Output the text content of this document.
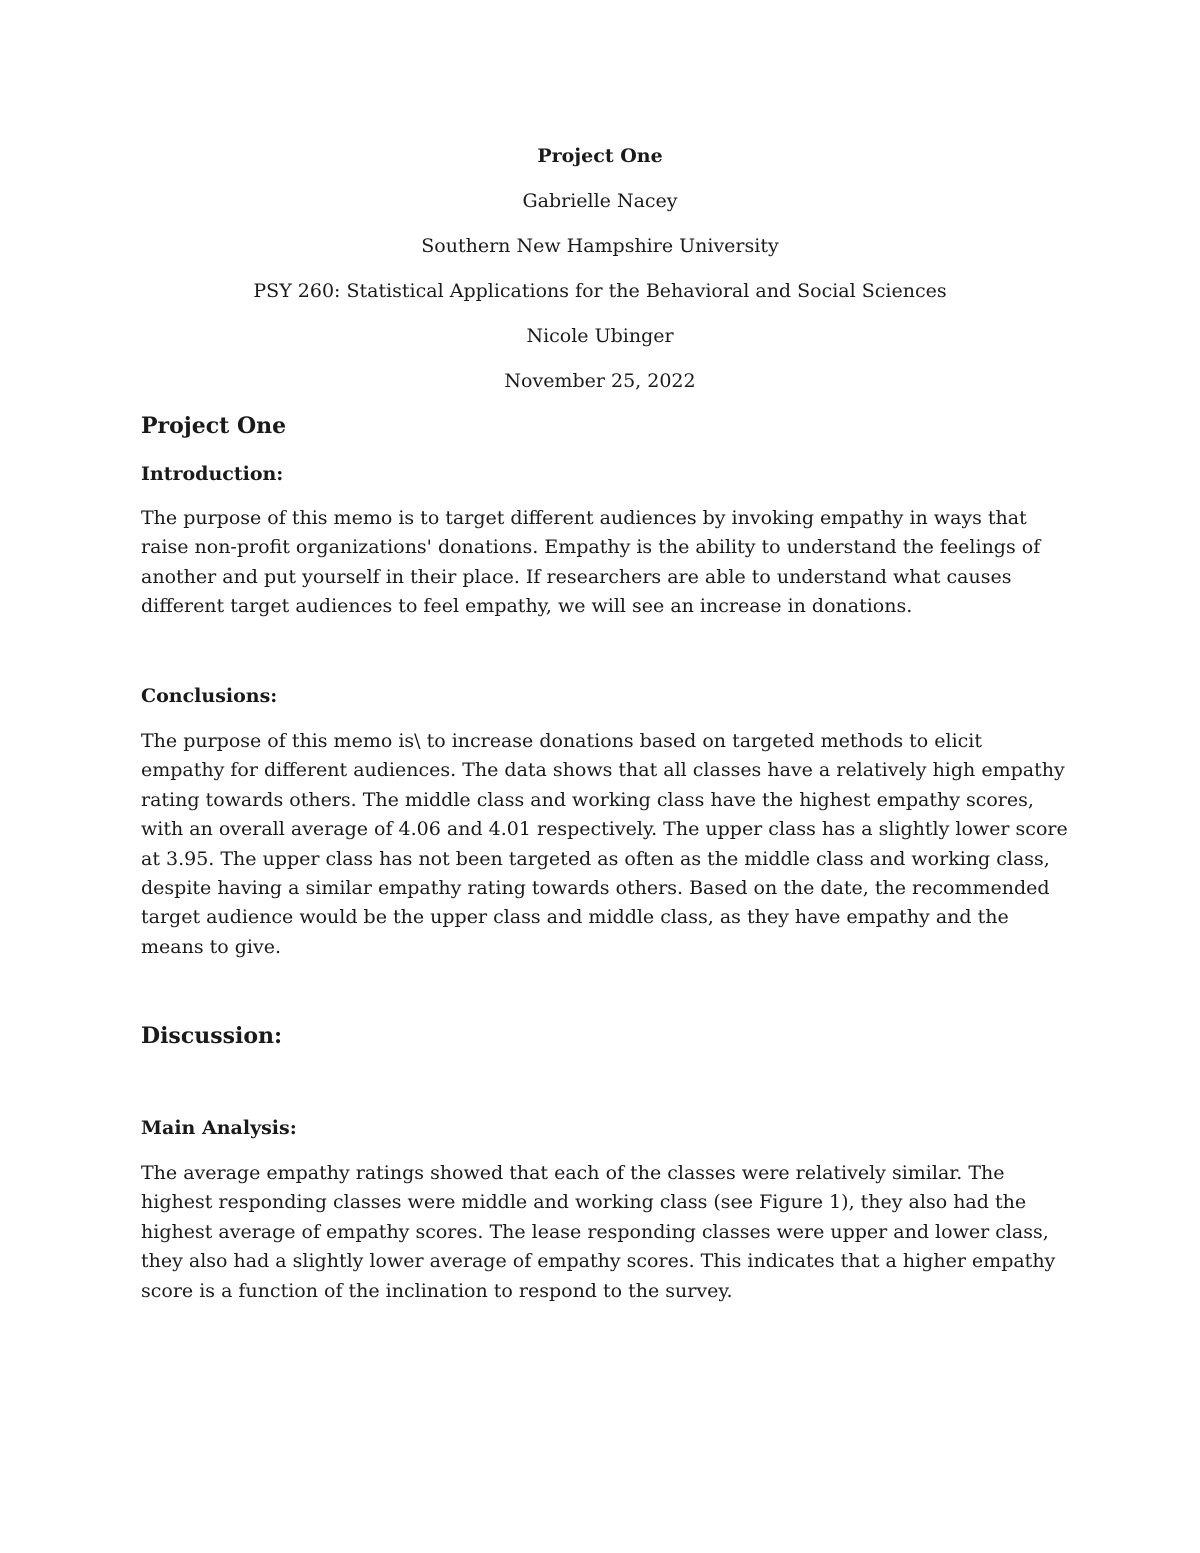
Project One
Gabrielle Nacey
Southern New Hampshire University
PSY 260: Statistical Applications for the Behavioral and Social Sciences
Nicole Ubinger
November 25, 2022
Project One
Introduction:
The purpose of this memo is to target different audiences by invoking empathy in ways that raise non-profit organizations' donations. Empathy is the ability to understand the feelings of another and put yourself in their place. If researchers are able to understand what causes different target audiences to feel empathy, we will see an increase in donations.
Conclusions:
The purpose of this memo is\ to increase donations based on targeted methods to elicit empathy for different audiences. The data shows that all classes have a relatively high empathy rating towards others. The middle class and working class have the highest empathy scores, with an overall average of 4.06 and 4.01 respectively. The upper class has a slightly lower score at 3.95. The upper class has not been targeted as often as the middle class and working class, despite having a similar empathy rating towards others. Based on the date, the recommended target audience would be the upper class and middle class, as they have empathy and the means to give.
Discussion:
Main Analysis:
The average empathy ratings showed that each of the classes were relatively similar. The highest responding classes were middle and working class (see Figure 1), they also had the highest average of empathy scores. The lease responding classes were upper and lower class, they also had a slightly lower average of empathy scores. This indicates that a higher empathy score is a function of the inclination to respond to the survey.
